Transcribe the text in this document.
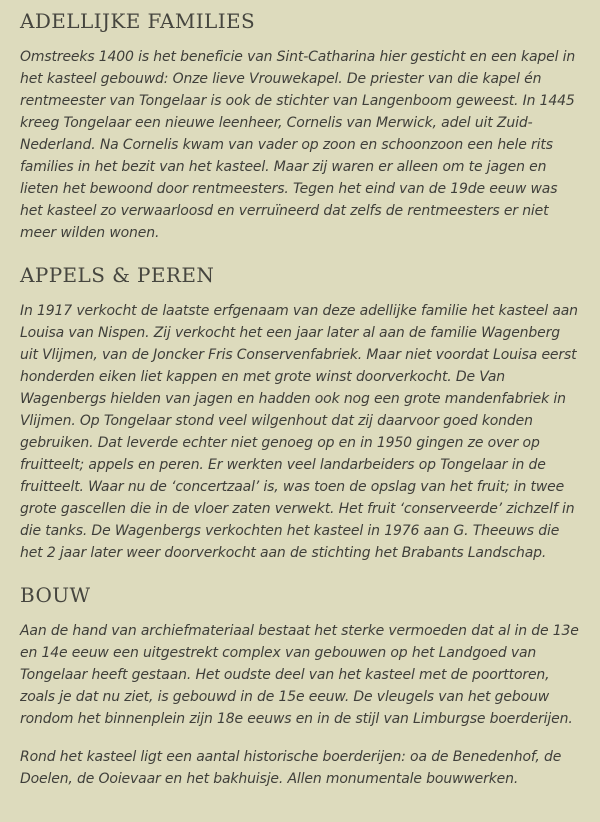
ADELLIJKE FAMILIES

Omstreeks 1400 is het beneficie van Sint-Catharina hier gesticht en een kapel in het kasteel gebouwd: Onze lieve Vrouwekapel. De priester van die kapel én rentmeester van Tongelaar is ook de stichter van Langenboom geweest. In 1445 kreeg Tongelaar een nieuwe leenheer, Cornelis van Merwick, adel uit Zuid-Nederland. Na Cornelis kwam van vader op zoon en schoonzoon een hele rits families in het bezit van het kasteel. Maar zij waren er alleen om te jagen en lieten het bewoond door rentmeesters. Tegen het eind van de 19de eeuw was het kasteel zo verwaarloosd en verruïneerd dat zelfs de rentmeesters er niet meer wilden wonen.

APPELS & PEREN

In 1917 verkocht de laatste erfgenaam van deze adellijke familie het kasteel aan Louisa van Nispen. Zij verkocht het een jaar later al aan de familie Wagenberg uit Vlijmen, van de Joncker Fris Conservenfabriek. Maar niet voordat Louisa eerst honderden eiken liet kappen en met grote winst doorverkocht. De Van Wagenbergs hielden van jagen en hadden ook nog een grote mandenfabriek in Vlijmen. Op Tongelaar stond veel wilgenhout dat zij daarvoor goed konden gebruiken. Dat leverde echter niet genoeg op en in 1950 gingen ze over op fruitteelt; appels en peren. Er werkten veel landarbeiders op Tongelaar in de fruitteelt. Waar nu de ‘concertzaal’ is, was toen de opslag van het fruit; in twee grote gascellen die in de vloer zaten verwekt. Het fruit ‘conserveerde’ zichzelf in die tanks. De Wagenbergs verkochten het kasteel in 1976 aan G. Theeuws die het 2 jaar later weer doorverkocht aan de stichting het Brabants Landschap.

BOUW

Aan de hand van archiefmateriaal bestaat het sterke vermoeden dat al in de 13e en 14e eeuw een uitgestrekt complex van gebouwen op het Landgoed van Tongelaar heeft gestaan. Het oudste deel van het kasteel met de poorttoren, zoals je dat nu ziet, is gebouwd in de 15e eeuw. De vleugels van het gebouw rondom het binnenplein zijn 18e eeuws en in de stijl van Limburgse boerderijen.

Rond het kasteel ligt een aantal historische boerderijen: oa de Benedenhof, de Doelen, de Ooievaar en het bakhuisje. Allen monumentale bouwwerken.
